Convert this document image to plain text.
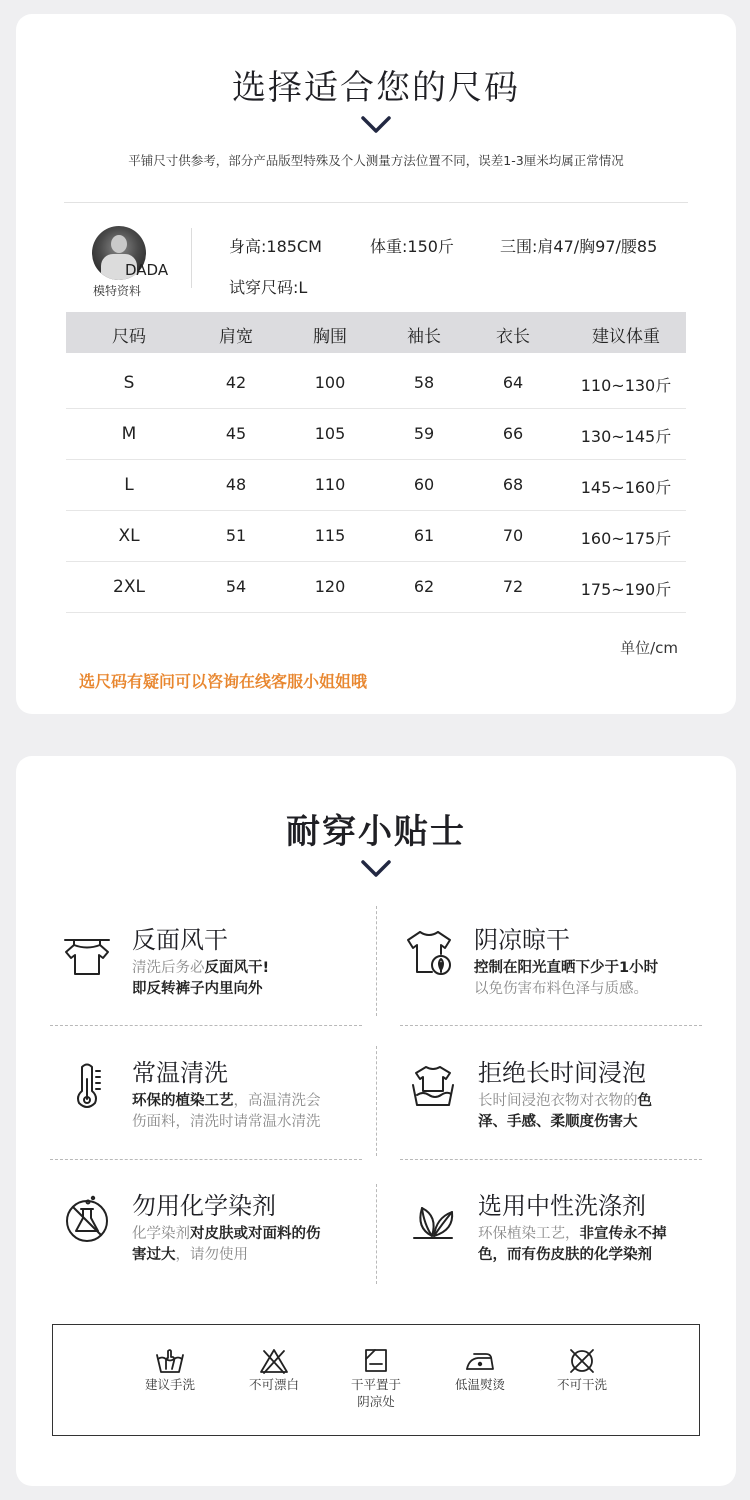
选择适合您的尺码
平铺尺寸供参考，部分产品版型特殊及个人测量方法位置不同，误差1-3厘米均属正常情况
DADA
模特资料
身高:185CM	体重:150斤	三围:肩47/胸97/腰85
试穿尺码:L
尺码	肩宽	胸围	袖长	衣长	建议体重
S	42	100	58	64	110~130斤
M	45	105	59	66	130~145斤
L	48	110	60	68	145~160斤
XL	51	115	61	70	160~175斤
2XL	54	120	62	72	175~190斤
单位/cm
选尺码有疑问可以咨询在线客服小姐姐哦
耐穿小贴士
反面风干
清洗后务必反面风干!
即反转裤子内里向外
阴凉晾干
控制在阳光直晒下少于1小时
以免伤害布料色泽与质感。
常温清洗
环保的植染工艺，高温清洗会
伤面料，清洗时请常温水清洗
拒绝长时间浸泡
长时间浸泡衣物对衣物的色
泽、手感、柔顺度伤害大
勿用化学染剂
化学染剂对皮肤或对面料的伤
害过大，请勿使用
选用中性洗涤剂
环保植染工艺，非宣传永不掉
色，而有伤皮肤的化学染剂
建议手洗	不可漂白	干平置于
阴凉处
低温熨烫	不可干洗
